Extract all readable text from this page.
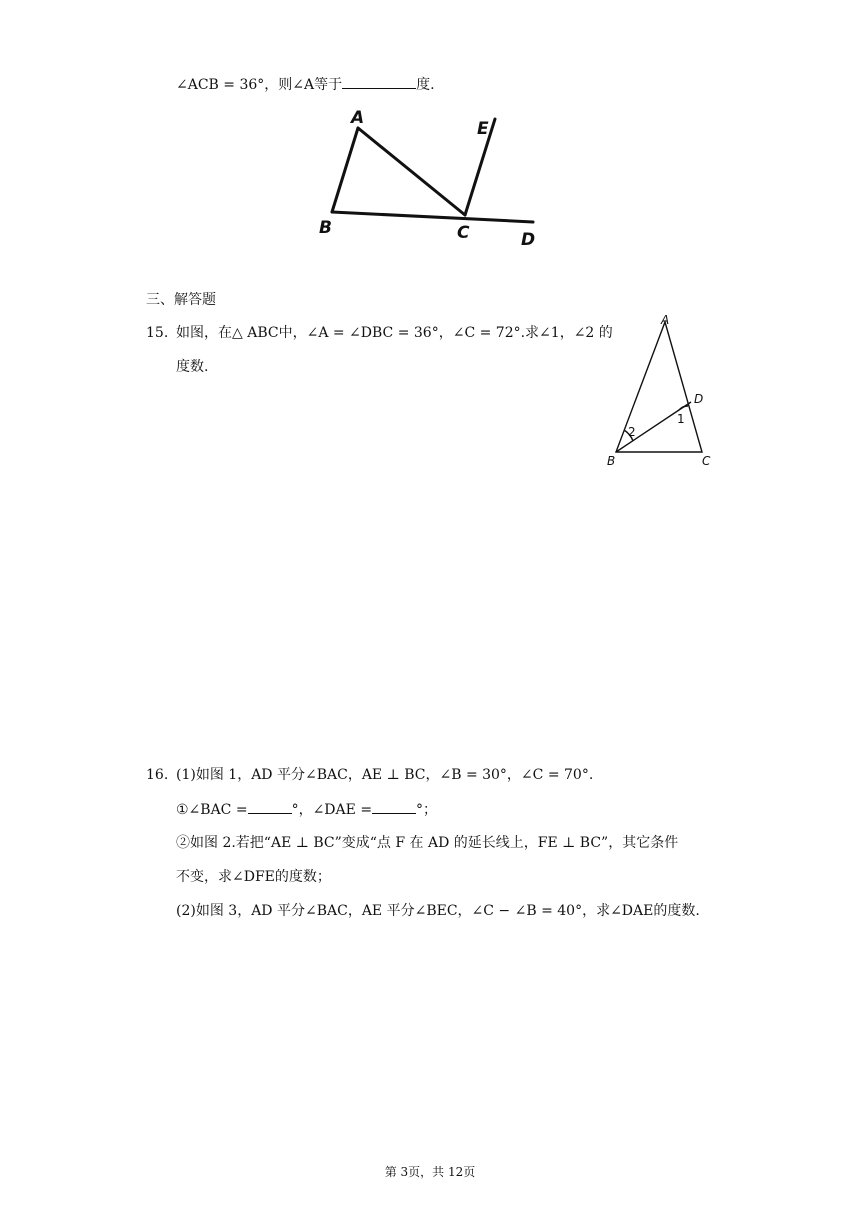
∠ACB = 36°，则∠A等于	度.
A
B	C	D
E
三、解答题
15. 如图，在△ ABC中，∠A = ∠DBC = 36°，∠C = 72°.求∠1，∠2 的
度数.
A
B	C
D
1
2
16. (1)如图 1，AD 平分∠BAC，AE ⊥ BC，∠B = 30°，∠C = 70°.
①∠BAC =	°，∠DAE =	°；
②如图 2.若把“AE ⊥ BC”变成“点 F 在 AD 的延长线上，FE ⊥ BC”，其它条件
不变，求∠DFE的度数；
(2)如图 3，AD 平分∠BAC，AE 平分∠BEC，∠C − ∠B = 40°，求∠DAE的度数.
第 3页，共 12页
